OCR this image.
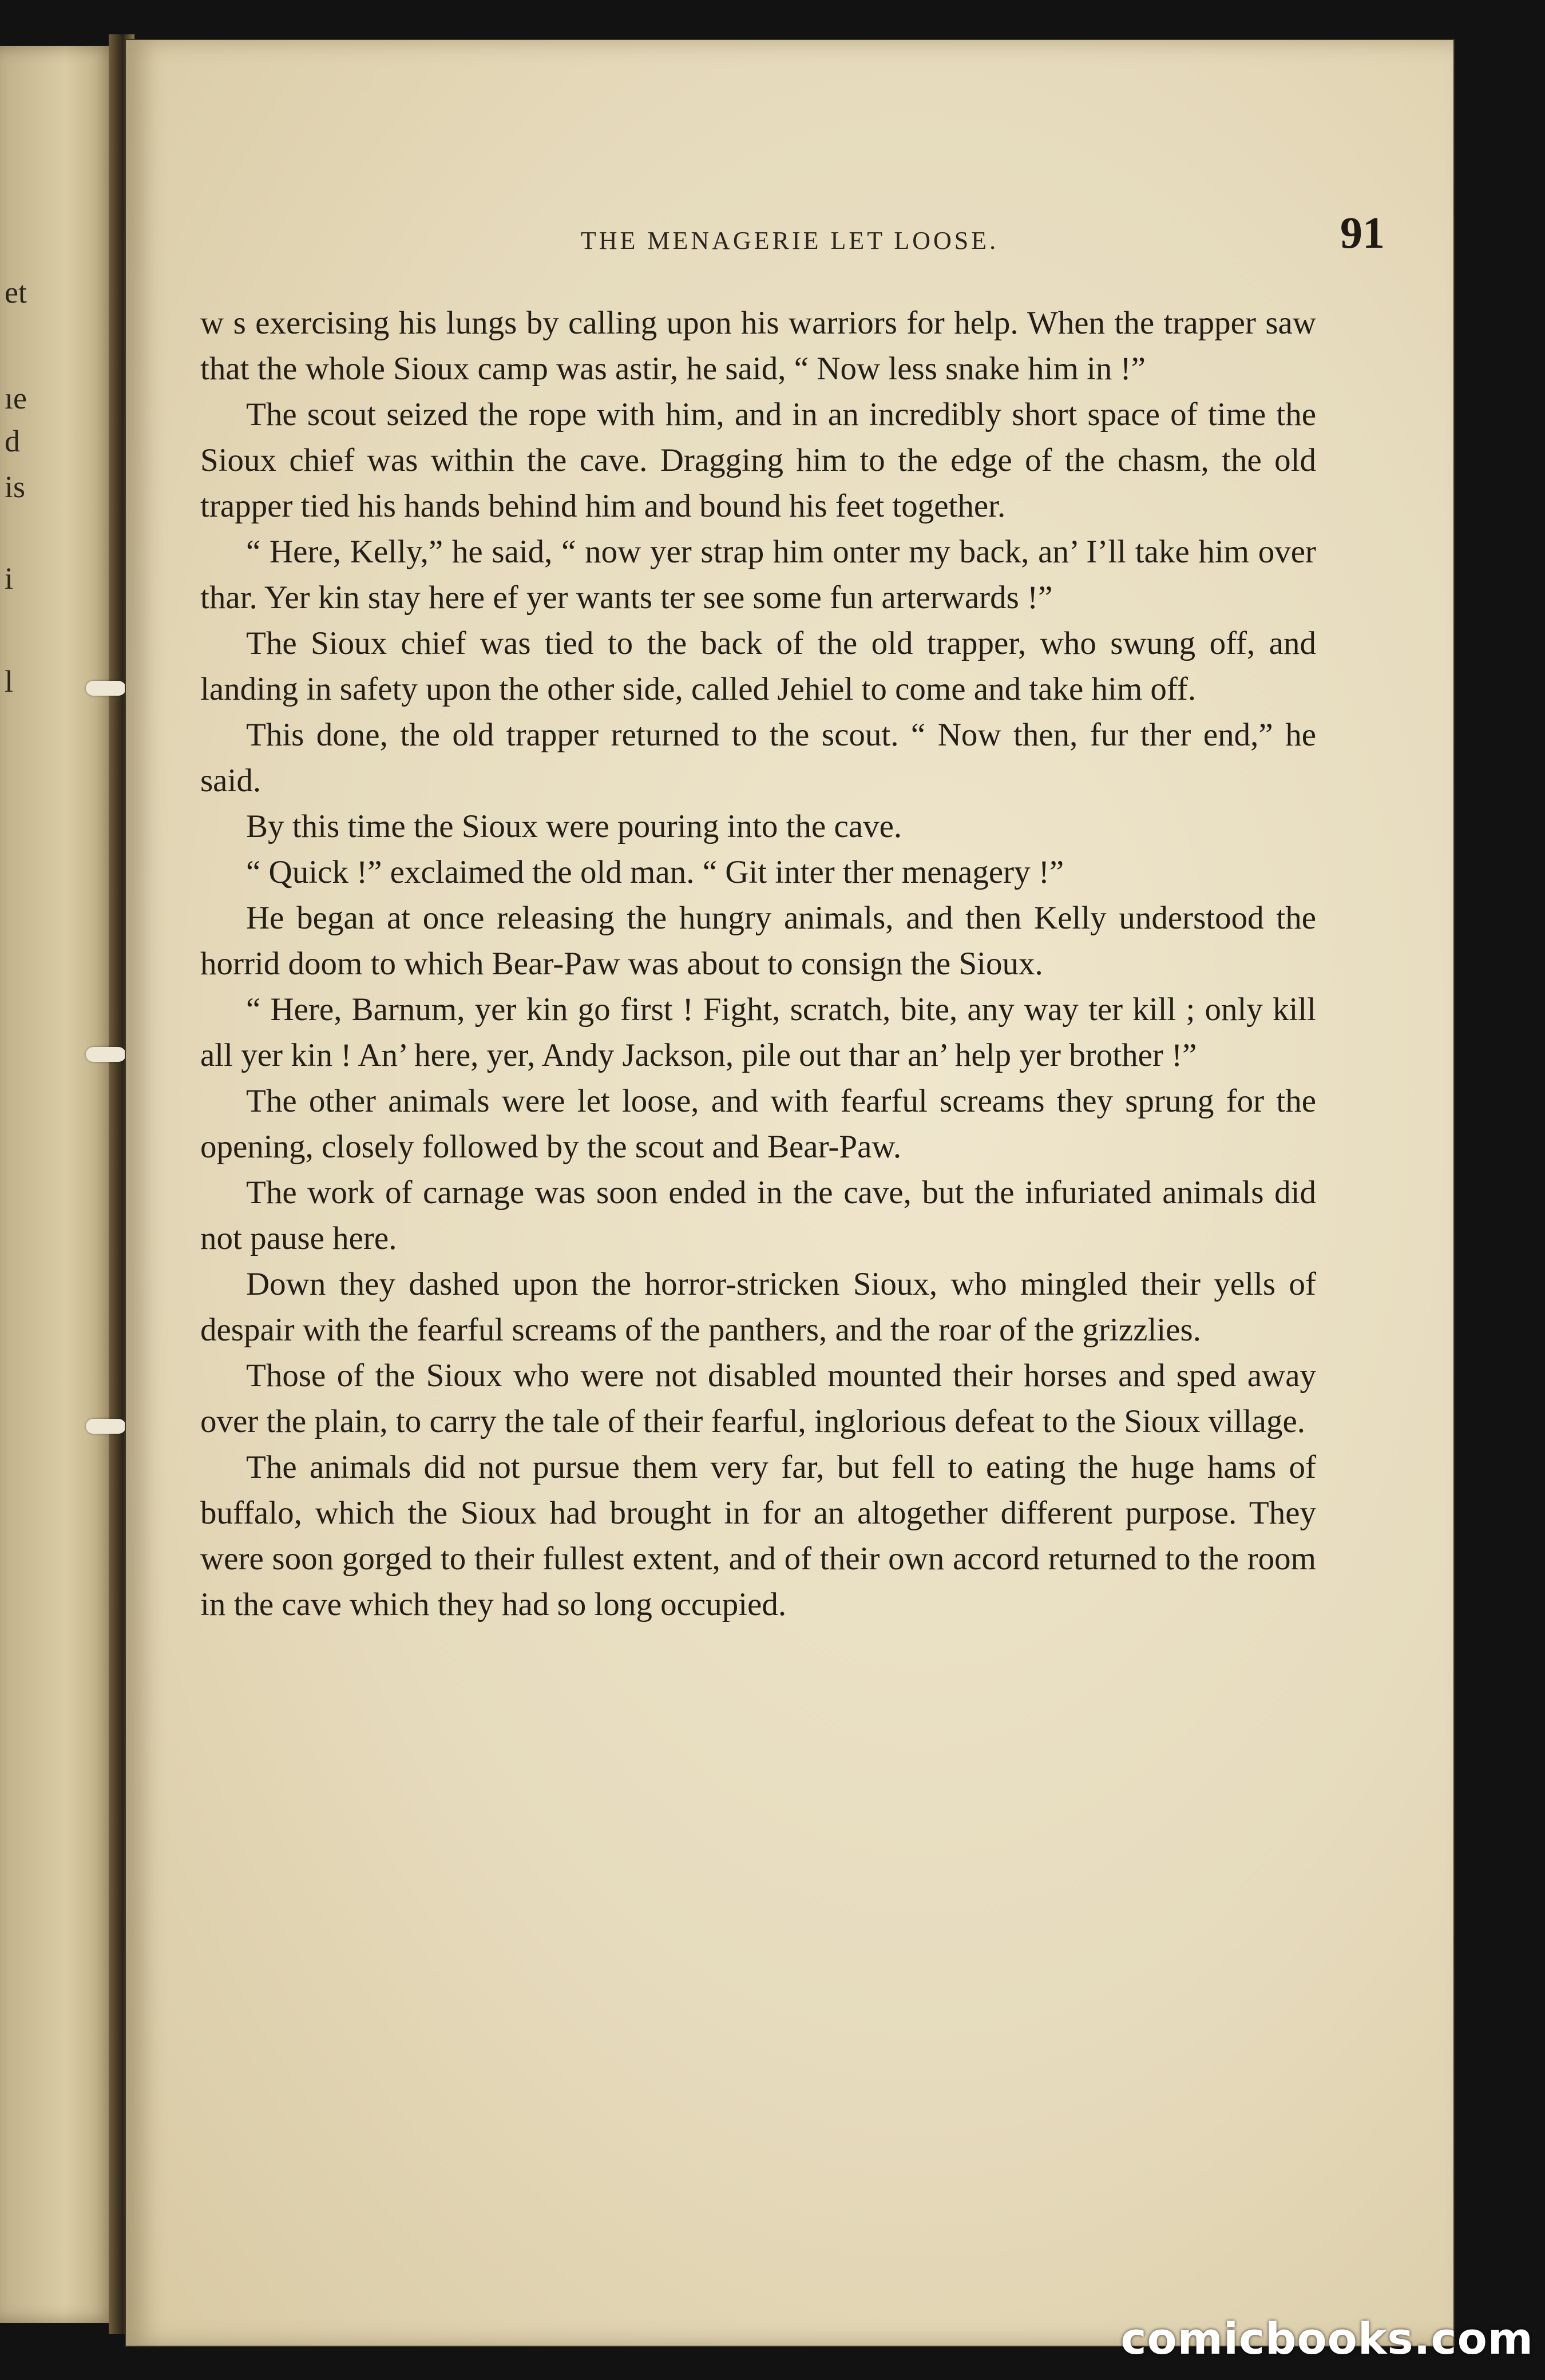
et
ıe
d
is
i
l
THE MENAGERIE LET LOOSE.	91

w s exercising his lungs by calling upon his warriors for help. When the trapper saw that the whole Sioux camp was astir, he said, “ Now less snake him in !”

The scout seized the rope with him, and in an incredibly short space of time the Sioux chief was within the cave. Dragging him to the edge of the chasm, the old trapper tied his hands behind him and bound his feet together.

“ Here, Kelly,” he said, “ now yer strap him onter my back, an’ I’ll take him over thar. Yer kin stay here ef yer wants ter see some fun arterwards !”

The Sioux chief was tied to the back of the old trapper, who swung off, and landing in safety upon the other side, called Jehiel to come and take him off.

This done, the old trapper returned to the scout. “ Now then, fur ther end,” he said.

By this time the Sioux were pouring into the cave.

“ Quick !” exclaimed the old man. “ Git inter ther menagery !”

He began at once releasing the hungry animals, and then Kelly understood the horrid doom to which Bear-Paw was about to consign the Sioux.

“ Here, Barnum, yer kin go first ! Fight, scratch, bite, any way ter kill ; only kill all yer kin ! An’ here, yer, Andy Jackson, pile out thar an’ help yer brother !”

The other animals were let loose, and with fearful screams they sprung for the opening, closely followed by the scout and Bear-Paw.

The work of carnage was soon ended in the cave, but the infuriated animals did not pause here.

Down they dashed upon the horror-stricken Sioux, who mingled their yells of despair with the fearful screams of the panthers, and the roar of the grizzlies.

Those of the Sioux who were not disabled mounted their horses and sped away over the plain, to carry the tale of their fearful, inglorious defeat to the Sioux village.

The animals did not pursue them very far, but fell to eating the huge hams of buffalo, which the Sioux had brought in for an altogether different purpose. They were soon gorged to their fullest extent, and of their own accord returned to the room in the cave which they had so long occupied.

comicbooks.com
